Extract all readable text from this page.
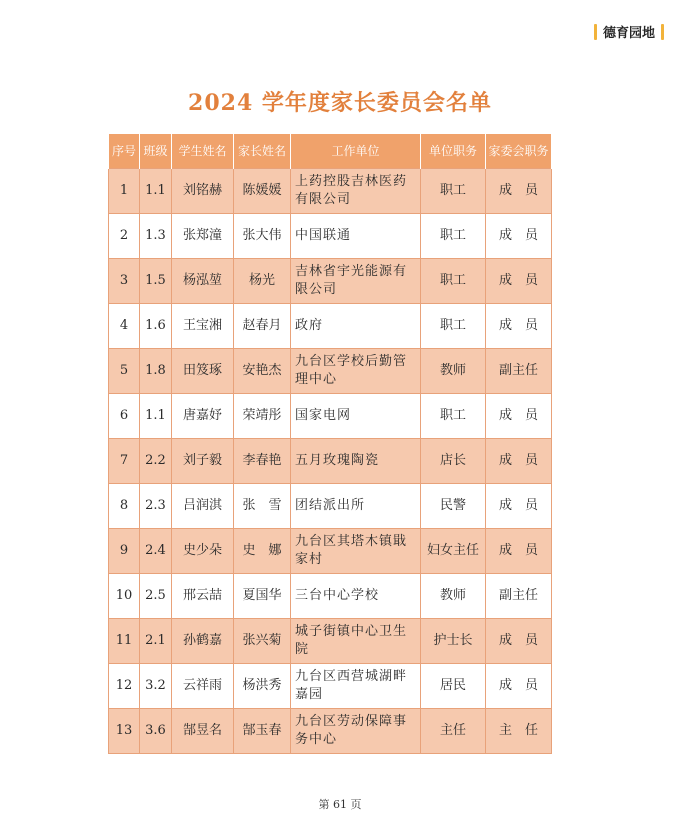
德育园地
2024 学年度家长委员会名单
序号	班级	学生姓名	家长姓名	工作单位	单位职务	家委会职务
1	1.1	刘铭赫	陈媛媛	上药控股吉林医药有限公司	职工	成　员
2	1.3	张郑潼	张大伟	中国联通	职工	成　员
3	1.5	杨泓堃	杨光	吉林省宇光能源有限公司	职工	成　员
4	1.6	王宝湘	赵春月	政府	职工	成　员
5	1.8	田笈琢	安艳杰	九台区学校后勤管理中心	教师	副主任
6	1.1	唐嘉妤	荣靖彤	国家电网	职工	成　员
7	2.2	刘子毅	李春艳	五月玫瑰陶瓷	店长	成　员
8	2.3	吕润淇	张　雪	团结派出所	民警	成　员
9	2.4	史少朵	史　娜	九台区其塔木镇戢家村	妇女主任	成　员
10	2.5	邢云喆	夏国华	三台中心学校	教师	副主任
11	2.1	孙鹤嘉	张兴菊	城子街镇中心卫生院	护士长	成　员
12	3.2	云祥雨	杨洪秀	九台区西营城湖畔嘉园	居民	成　员
13	3.6	郜昱名	郜玉春	九台区劳动保障事务中心	主任	主　任
第 61 页
